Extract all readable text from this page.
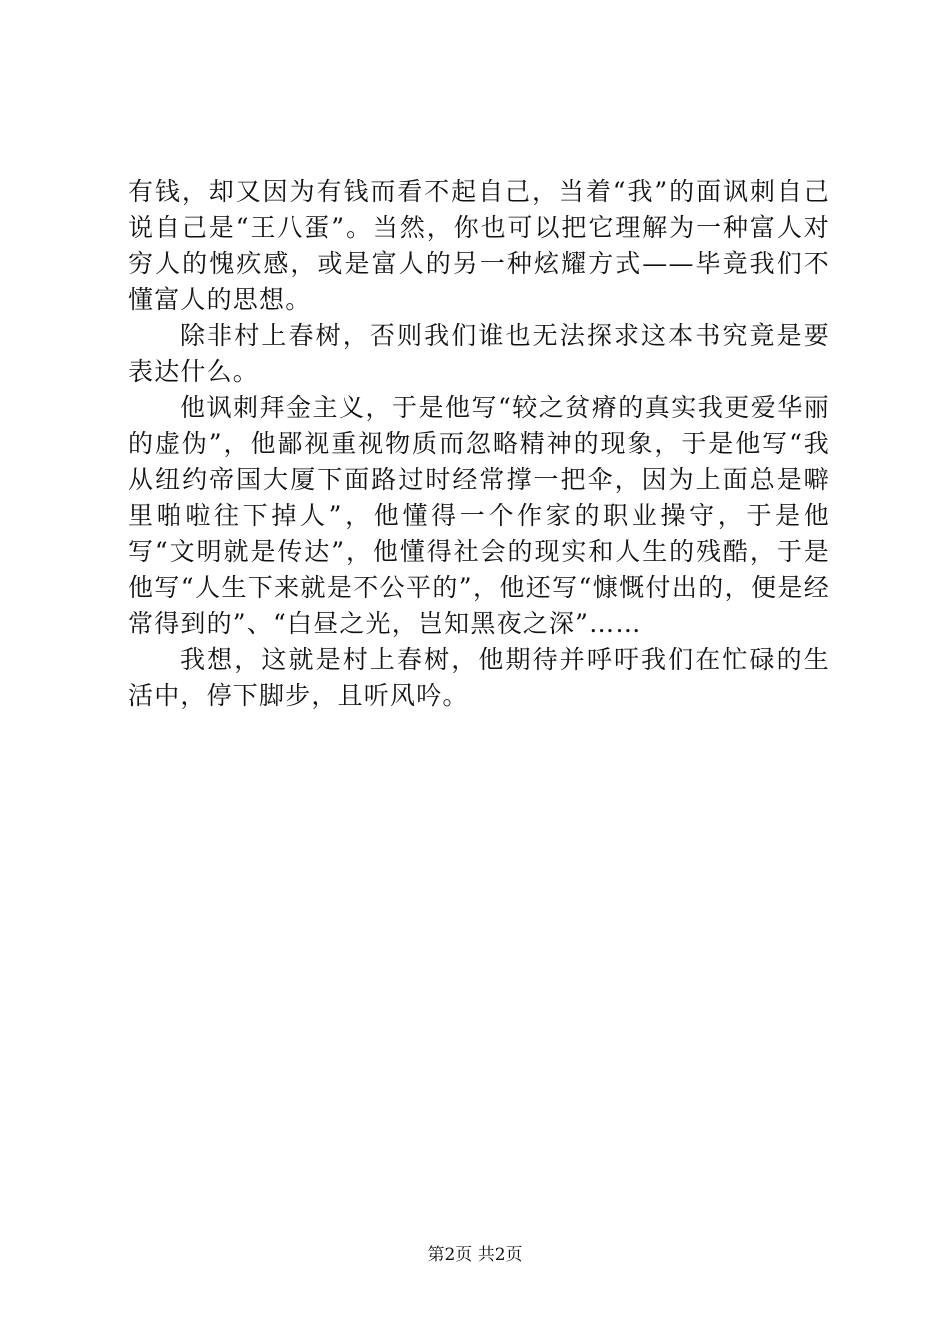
有钱，却又因为有钱而看不起自己，当着“我”的面讽刺自己说自己是“王八蛋”。当然，你也可以把它理解为一种富人对穷人的愧疚感，或是富人的另一种炫耀方式——毕竟我们不懂富人的思想。

除非村上春树，否则我们谁也无法探求这本书究竟是要表达什么。

他讽刺拜金主义，于是他写“较之贫瘠的真实我更爱华丽的虚伪”，他鄙视重视物质而忽略精神的现象，于是他写“我从纽约帝国大厦下面路过时经常撑一把伞，因为上面总是噼里啪啦往下掉人”，他懂得一个作家的职业操守，于是他写“文明就是传达”，他懂得社会的现实和人生的残酷，于是他写“人生下来就是不公平的”，他还写“慷慨付出的，便是经常得到的”、“白昼之光，岂知黑夜之深”……

我想，这就是村上春树，他期待并呼吁我们在忙碌的生活中，停下脚步，且听风吟。

第2页 共2页
